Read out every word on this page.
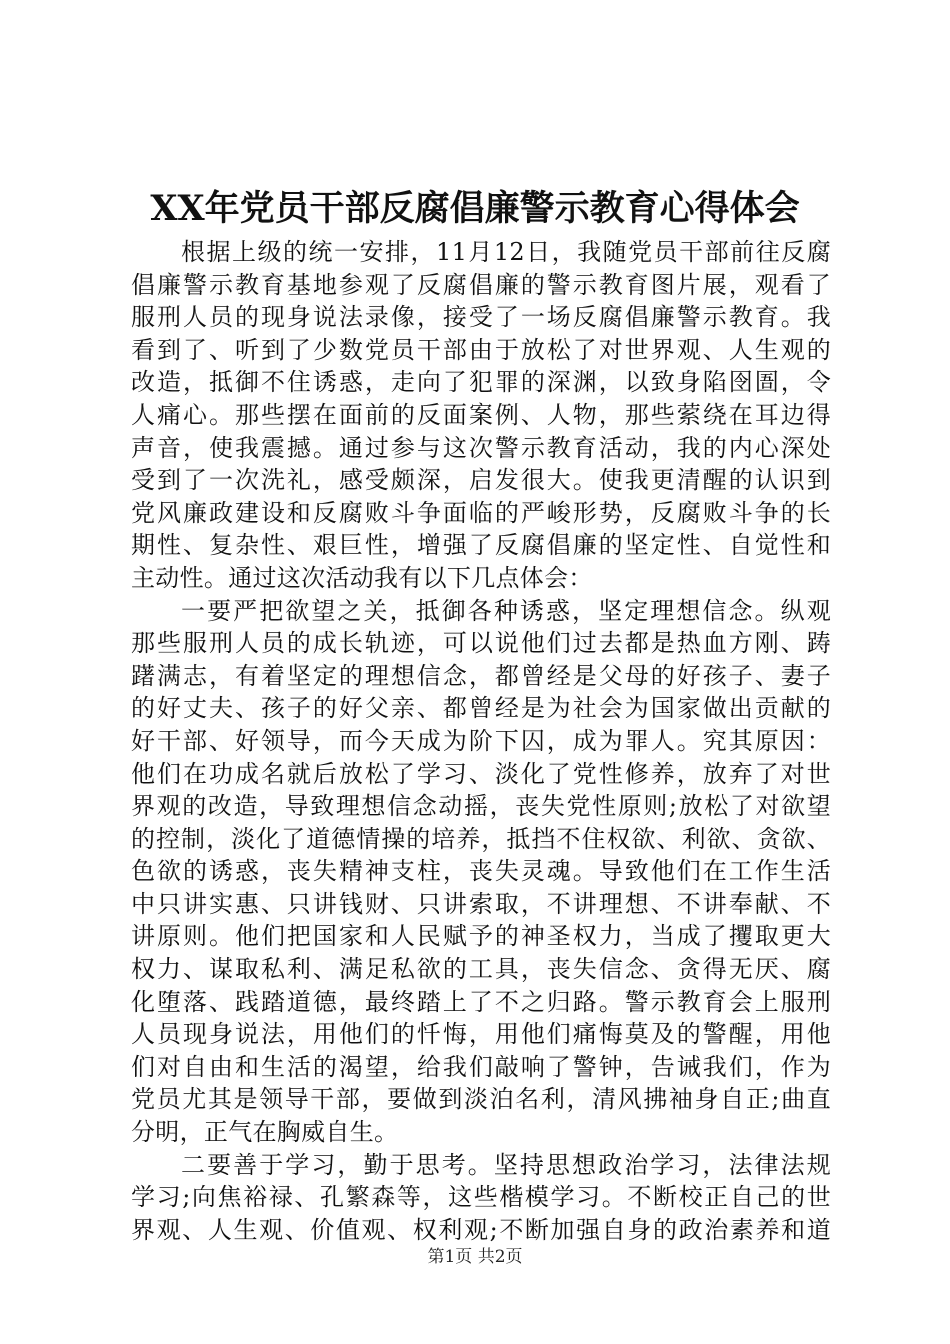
XX年党员干部反腐倡廉警示教育心得体会
根据上级的统一安排，11月12日，我随党员干部前往反腐
倡廉警示教育基地参观了反腐倡廉的警示教育图片展，观看了
服刑人员的现身说法录像，接受了一场反腐倡廉警示教育。我
看到了、听到了少数党员干部由于放松了对世界观、人生观的
改造，抵御不住诱惑，走向了犯罪的深渊，以致身陷囹圄，令
人痛心。那些摆在面前的反面案例、人物，那些萦绕在耳边得
声音，使我震撼。通过参与这次警示教育活动，我的内心深处
受到了一次洗礼，感受颇深，启发很大。使我更清醒的认识到
党风廉政建设和反腐败斗争面临的严峻形势，反腐败斗争的长
期性、复杂性、艰巨性，增强了反腐倡廉的坚定性、自觉性和
主动性。通过这次活动我有以下几点体会：
一要严把欲望之关，抵御各种诱惑，坚定理想信念。纵观
那些服刑人员的成长轨迹，可以说他们过去都是热血方刚、踌
躇满志，有着坚定的理想信念，都曾经是父母的好孩子、妻子
的好丈夫、孩子的好父亲、都曾经是为社会为国家做出贡献的
好干部、好领导，而今天成为阶下囚，成为罪人。究其原因：
他们在功成名就后放松了学习、淡化了党性修养，放弃了对世
界观的改造，导致理想信念动摇，丧失党性原则;放松了对欲望
的控制，淡化了道德情操的培养，抵挡不住权欲、利欲、贪欲、
色欲的诱惑，丧失精神支柱，丧失灵魂。导致他们在工作生活
中只讲实惠、只讲钱财、只讲索取，不讲理想、不讲奉献、不
讲原则。他们把国家和人民赋予的神圣权力，当成了攫取更大
权力、谋取私利、满足私欲的工具，丧失信念、贪得无厌、腐
化堕落、践踏道德，最终踏上了不之归路。警示教育会上服刑
人员现身说法，用他们的忏悔，用他们痛悔莫及的警醒，用他
们对自由和生活的渴望，给我们敲响了警钟，告诫我们，作为
党员尤其是领导干部，要做到淡泊名利，清风拂袖身自正;曲直
分明，正气在胸威自生。
二要善于学习，勤于思考。坚持思想政治学习，法律法规
学习;向焦裕禄、孔繁森等，这些楷模学习。不断校正自己的世
界观、人生观、价值观、权利观;不断加强自身的政治素养和道
第1页 共2页
